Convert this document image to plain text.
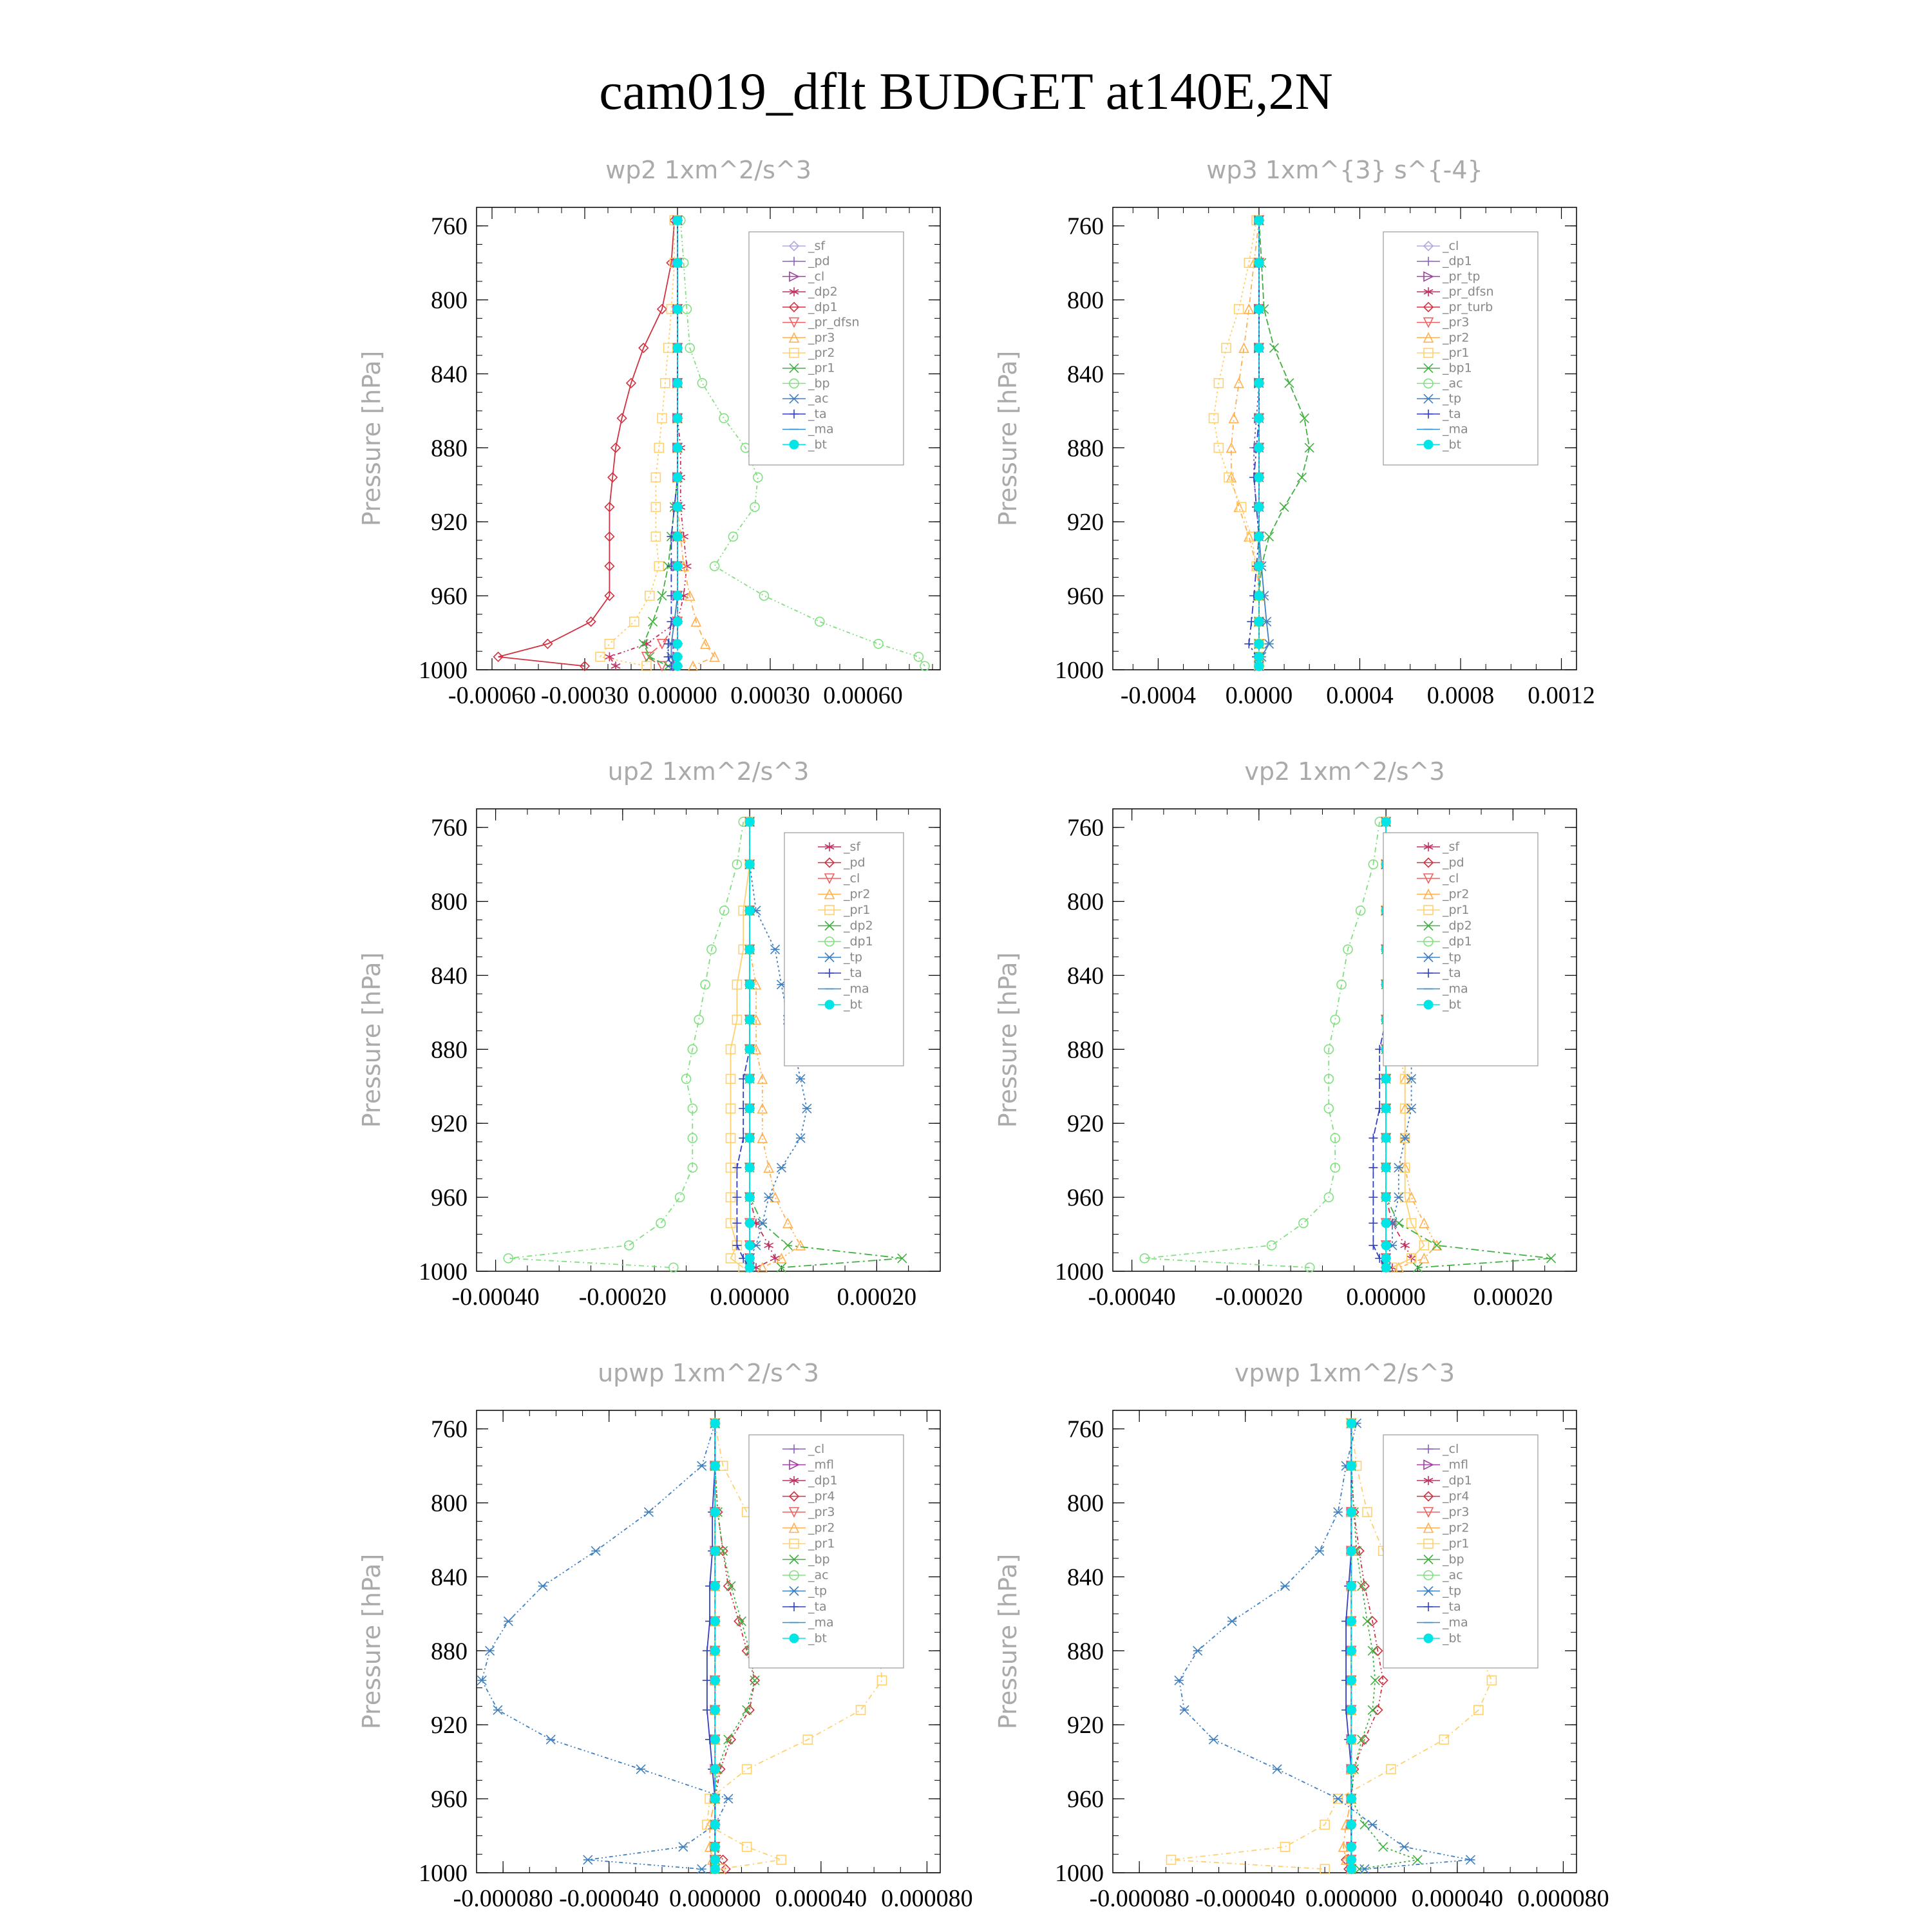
cam019_dflt BUDGET at140E,2N
wp2 1xm^2/s^3
Pressure [hPa]
760
800
840
880
920
960
1000
-0.00060 -0.00030 0.00000 0.00030 0.00060
_sf
_pd
_cl
_dp2
_dp1
_pr_dfsn
_pr3
_pr2
_pr1
_bp
_ac
_ta
_ma
_bt
wp3 1xm^{3} s^{-4}
Pressure [hPa]
760
800
840
880
920
960
1000
-0.0004 0.0000 0.0004 0.0008 0.0012
_cl
_dp1
_pr_tp
_pr_dfsn
_pr_turb
_pr3
_pr2
_pr1
_bp1
_ac
_tp
_ta
_ma
_bt
up2 1xm^2/s^3
Pressure [hPa]
760
800
840
880
920
960
1000
-0.00040 -0.00020 0.00000 0.00020
_sf
_pd
_cl
_pr2
_pr1
_dp2
_dp1
_tp
_ta
_ma
_bt
vp2 1xm^2/s^3
Pressure [hPa]
760
800
840
880
920
960
1000
-0.00040 -0.00020 0.00000 0.00020
_sf
_pd
_cl
_pr2
_pr1
_dp2
_dp1
_tp
_ta
_ma
_bt
upwp 1xm^2/s^3
Pressure [hPa]
760
800
840
880
920
960
1000
-0.000080 -0.000040 0.000000 0.000040 0.000080
_cl
_mfl
_dp1
_pr4
_pr3
_pr2
_pr1
_bp
_ac
_tp
_ta
_ma
_bt
vpwp 1xm^2/s^3
Pressure [hPa]
760
800
840
880
920
960
1000
-0.000080 -0.000040 0.000000 0.000040 0.000080
_cl
_mfl
_dp1
_pr4
_pr3
_pr2
_pr1
_bp
_ac
_tp
_ta
_ma
_bt
